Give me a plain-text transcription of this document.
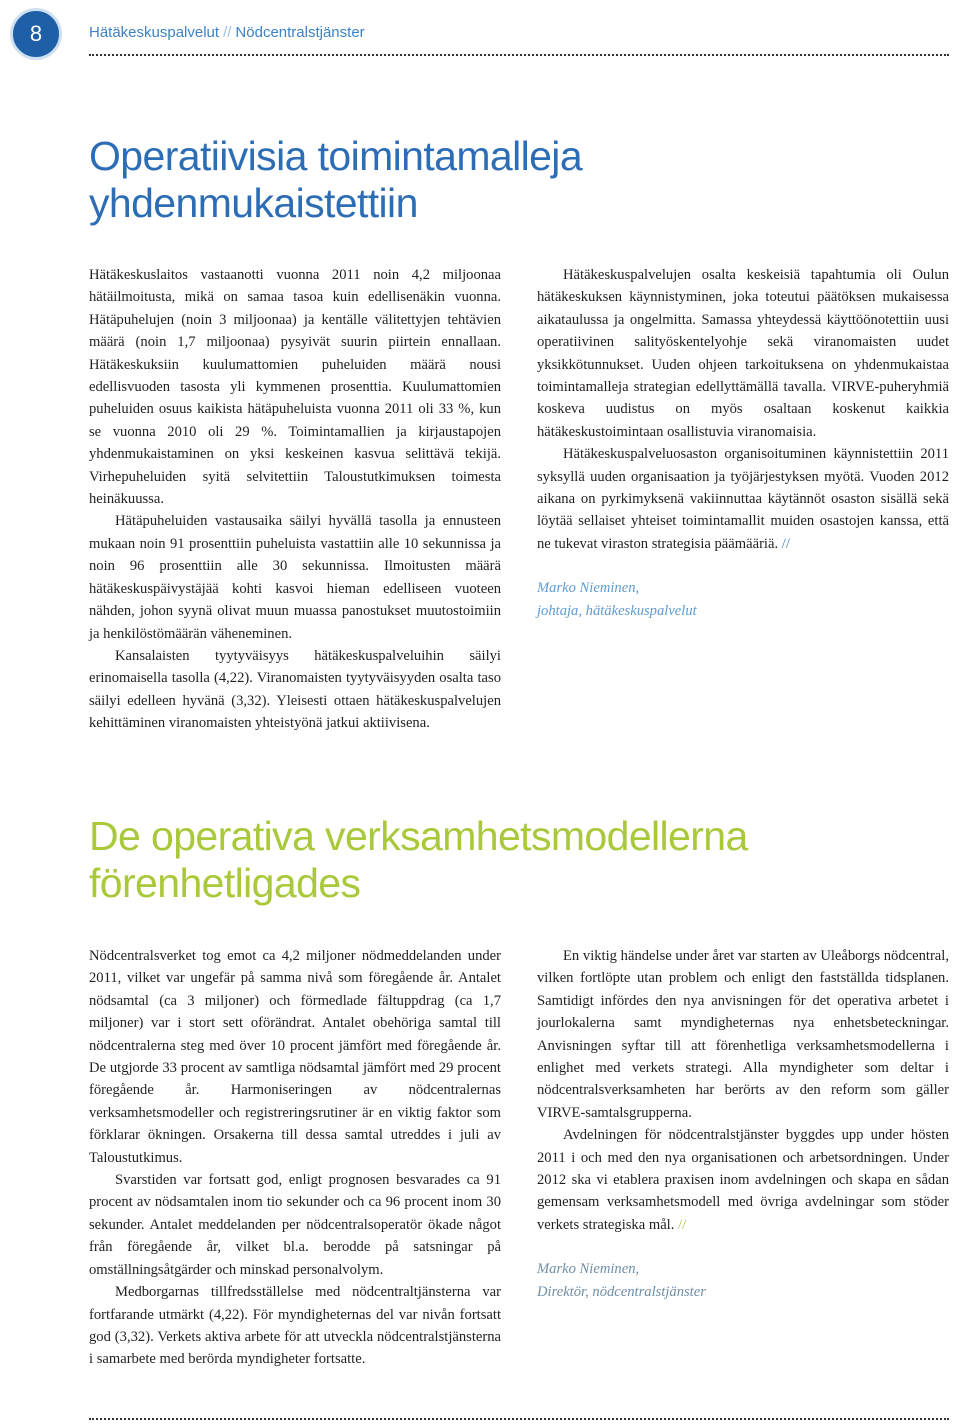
8	Hätäkeskuspalvelut // Nödcentralstjänster
Operatiivisia toimintamalleja
yhdenmukaistettiin

Hätäkeskuslaitos vastaanotti vuonna 2011 noin 4,2 miljoonaa hätäilmoitusta, mikä on samaa tasoa kuin edellisenäkin vuonna. Hätäpuhelujen (noin 3 miljoonaa) ja kentälle välitettyjen tehtävien määrä (noin 1,7 miljoonaa) pysyivät suurin piirtein ennallaan. Hätäkeskuksiin kuulumattomien puheluiden määrä nousi edellisvuoden tasosta yli kymmenen prosenttia. Kuulumattomien puheluiden osuus kaikista hätäpuheluista vuonna 2011 oli 33 %, kun se vuonna 2010 oli 29 %. Toimintamallien ja kirjaustapojen yhdenmukaistaminen on yksi keskeinen kasvua selittävä tekijä. Virhepuheluiden syitä selvitettiin Taloustutkimuksen toimesta heinäkuussa.

Hätäpuheluiden vastausaika säilyi hyvällä tasolla ja ennusteen mukaan noin 91 prosenttiin puheluista vastattiin alle 10 sekunnissa ja noin 96 prosenttiin alle 30 sekunnissa. Ilmoitusten määrä hätäkeskuspäivystäjää kohti kasvoi hieman edelliseen vuoteen nähden, johon syynä olivat muun muassa panostukset muutostoimiin ja henkilöstömäärän väheneminen.

Kansalaisten tyytyväisyys hätäkeskuspalveluihin säilyi erinomaisella tasolla (4,22). Viranomaisten tyytyväisyyden osalta taso säilyi edelleen hyvänä (3,32). Yleisesti ottaen hätäkeskuspalvelujen kehittäminen viranomaisten yhteistyönä jatkui aktiivisena.

Hätäkeskuspalvelujen osalta keskeisiä tapahtumia oli Oulun hätäkeskuksen käynnistyminen, joka toteutui päätöksen mukaisessa aikataulussa ja ongelmitta. Samassa yhteydessä käyttöönotettiin uusi operatiivinen salityöskentelyohje sekä viranomaisten uudet yksikkötunnukset. Uuden ohjeen tarkoituksena on yhdenmukaistaa toimintamalleja strategian edellyttämällä tavalla. VIRVE-puheryhmiä koskeva uudistus on myös osaltaan koskenut kaikkia hätäkeskustoimintaan osallistuvia viranomaisia.

Hätäkeskuspalveluosaston organisoituminen käynnistettiin 2011 syksyllä uuden organisaation ja työjärjestyksen myötä. Vuoden 2012 aikana on pyrkimyksenä vakiinnuttaa käytännöt osaston sisällä sekä löytää sellaiset yhteiset toimintamallit muiden osastojen kanssa, että ne tukevat viraston strategisia päämääriä. //

Marko Nieminen,
johtaja, hätäkeskuspalvelut
De operativa verksamhetsmodellerna
förenhetligades

Nödcentralsverket tog emot ca 4,2 miljoner nödmeddelanden under 2011, vilket var ungefär på samma nivå som föregående år. Antalet nödsamtal (ca 3 miljoner) och förmedlade fältuppdrag (ca 1,7 miljoner) var i stort sett oförändrat. Antalet obehöriga samtal till nödcentralerna steg med över 10 procent jämfört med föregående år. De utgjorde 33 procent av samtliga nödsamtal jämfört med 29 procent föregående år. Harmoniseringen av nödcentralernas verksamhetsmodeller och registreringsrutiner är en viktig faktor som förklarar ökningen. Orsakerna till dessa samtal utreddes i juli av Taloustutkimus.

Svarstiden var fortsatt god, enligt prognosen besvarades ca 91 procent av nödsamtalen inom tio sekunder och ca 96 procent inom 30 sekunder. Antalet meddelanden per nödcentralsoperatör ökade något från föregående år, vilket bl.a. berodde på satsningar på omställningsåtgärder och minskad personalvolym.

Medborgarnas tillfredsställelse med nödcentraltjänsterna var fortfarande utmärkt (4,22). För myndigheternas del var nivån fortsatt god (3,32). Verkets aktiva arbete för att utveckla nödcentralstjänsterna i samarbete med berörda myndigheter fortsatte.

En viktig händelse under året var starten av Uleåborgs nödcentral, vilken fortlöpte utan problem och enligt den fastställda tidsplanen. Samtidigt infördes den nya anvisningen för det operativa arbetet i jourlokalerna samt myndigheternas nya enhetsbeteckningar. Anvisningen syftar till att förenhetliga verksamhetsmodellerna i enlighet med verkets strategi. Alla myndigheter som deltar i nödcentralsverksamheten har berörts av den reform som gäller VIRVE-samtalsgrupperna.

Avdelningen för nödcentralstjänster byggdes upp under hösten 2011 i och med den nya organisationen och arbetsordningen. Under 2012 ska vi etablera praxisen inom avdelningen och skapa en sådan gemensam verksamhetsmodell med övriga avdelningar som stöder verkets strategiska mål. //

Marko Nieminen,
Direktör, nödcentralstjänster
